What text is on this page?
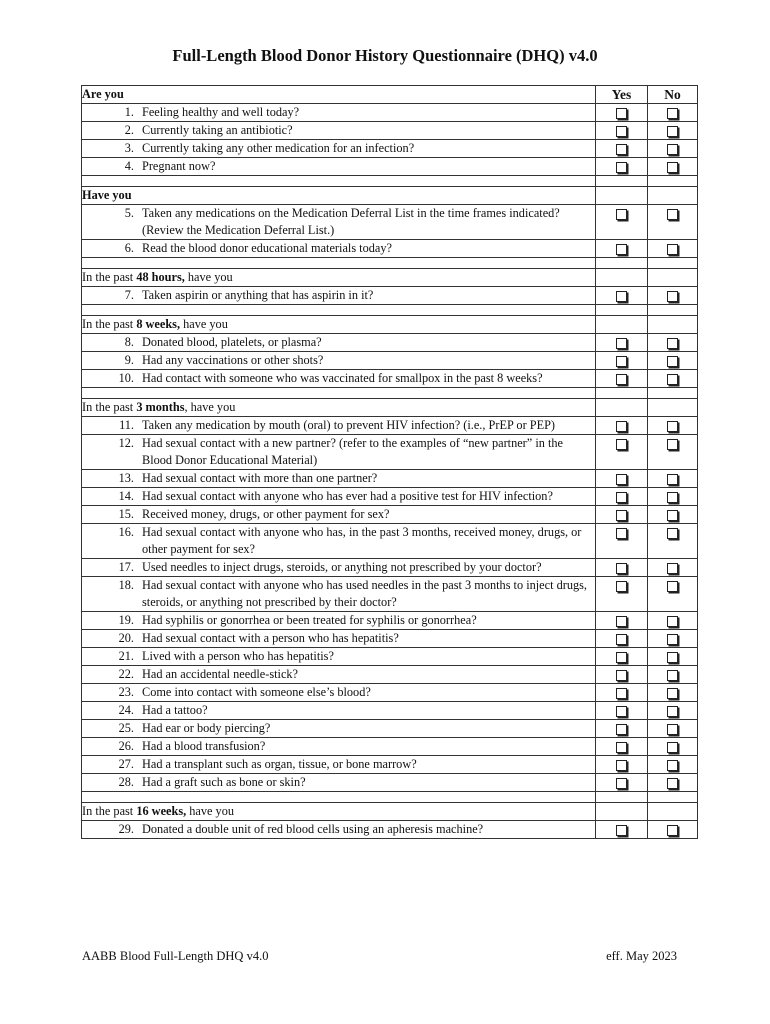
Full-Length Blood Donor History Questionnaire (DHQ) v4.0
Are you	Yes	No

1. Feeling healthy and well today?		

2. Currently taking an antibiotic?		

3. Currently taking any other medication for an infection?		

4. Pregnant now?		

Have you		

5. Taken any medications on the Medication Deferral List in the time frames indicated? (Review the Medication Deferral List.)		

6. Read the blood donor educational materials today?		

In the past 48 hours, have you		

7. Taken aspirin or anything that has aspirin in it?		

In the past 8 weeks, have you		

8. Donated blood, platelets, or plasma?		

9. Had any vaccinations or other shots?		

10. Had contact with someone who was vaccinated for smallpox in the past 8 weeks?		

In the past 3 months, have you		

11. Taken any medication by mouth (oral) to prevent HIV infection? (i.e., PrEP or PEP)		

12. Had sexual contact with a new partner? (refer to the examples of “new partner” in the Blood Donor Educational Material)		

13. Had sexual contact with more than one partner?		

14. Had sexual contact with anyone who has ever had a positive test for HIV infection?		

15. Received money, drugs, or other payment for sex?		

16. Had sexual contact with anyone who has, in the past 3 months, received money, drugs, or other payment for sex?		

17. Used needles to inject drugs, steroids, or anything not prescribed by your doctor?		

18. Had sexual contact with anyone who has used needles in the past 3 months to inject drugs, steroids, or anything not prescribed by their doctor?		

19. Had syphilis or gonorrhea or been treated for syphilis or gonorrhea?		

20. Had sexual contact with a person who has hepatitis?		

21. Lived with a person who has hepatitis?		

22. Had an accidental needle-stick?		

23. Come into contact with someone else’s blood?		

24. Had a tattoo?		

25. Had ear or body piercing?		

26. Had a blood transfusion?		

27. Had a transplant such as organ, tissue, or bone marrow?		

28. Had a graft such as bone or skin?		

In the past 16 weeks, have you		

29. Donated a double unit of red blood cells using an apheresis machine?		

AABB Blood Full-Length DHQ v4.0	eff. May 2023
